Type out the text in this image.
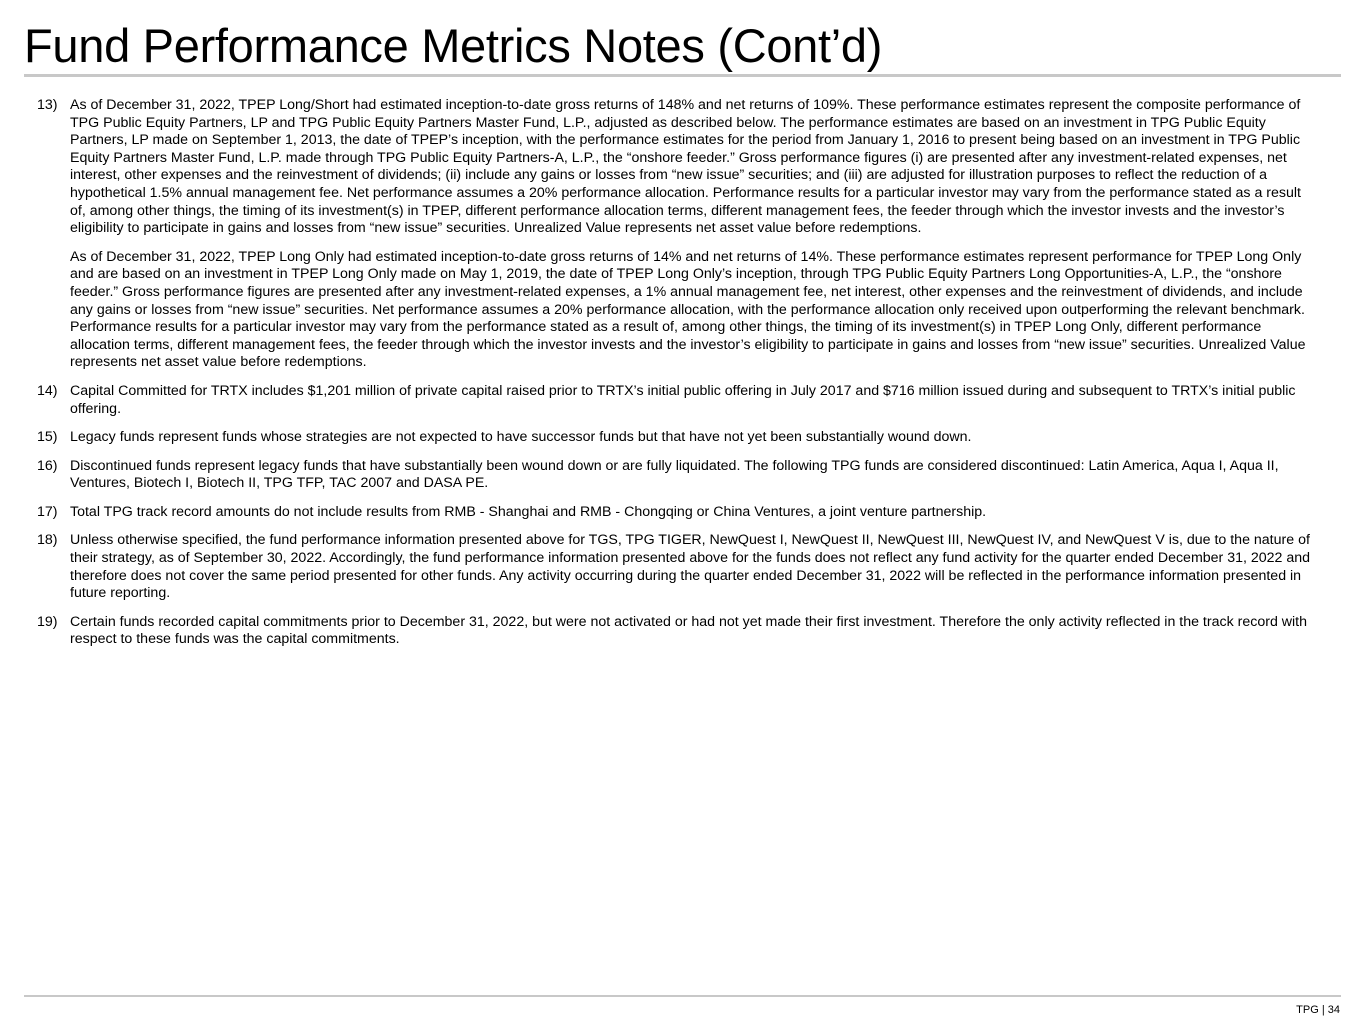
Fund Performance Metrics Notes (Cont’d)
13) As of December 31, 2022, TPEP Long/Short had estimated inception-to-date gross returns of 148% and net returns of 109%. These performance estimates represent the composite performance of TPG Public Equity Partners, LP and TPG Public Equity Partners Master Fund, L.P., adjusted as described below. The performance estimates are based on an investment in TPG Public Equity Partners, LP made on September 1, 2013, the date of TPEP’s inception, with the performance estimates for the period from January 1, 2016 to present being based on an investment in TPG Public Equity Partners Master Fund, L.P. made through TPG Public Equity Partners-A, L.P., the “onshore feeder.” Gross performance figures (i) are presented after any investment-related expenses, net interest, other expenses and the reinvestment of dividends; (ii) include any gains or losses from “new issue” securities; and (iii) are adjusted for illustration purposes to reflect the reduction of a hypothetical 1.5% annual management fee. Net performance assumes a 20% performance allocation. Performance results for a particular investor may vary from the performance stated as a result of, among other things, the timing of its investment(s) in TPEP, different performance allocation terms, different management fees, the feeder through which the investor invests and the investor’s eligibility to participate in gains and losses from “new issue” securities. Unrealized Value represents net asset value before redemptions.

As of December 31, 2022, TPEP Long Only had estimated inception-to-date gross returns of 14% and net returns of 14%. These performance estimates represent performance for TPEP Long Only and are based on an investment in TPEP Long Only made on May 1, 2019, the date of TPEP Long Only’s inception, through TPG Public Equity Partners Long Opportunities-A, L.P., the “onshore feeder.” Gross performance figures are presented after any investment-related expenses, a 1% annual management fee, net interest, other expenses and the reinvestment of dividends, and include any gains or losses from “new issue” securities. Net performance assumes a 20% performance allocation, with the performance allocation only received upon outperforming the relevant benchmark. Performance results for a particular investor may vary from the performance stated as a result of, among other things, the timing of its investment(s) in TPEP Long Only, different performance allocation terms, different management fees, the feeder through which the investor invests and the investor’s eligibility to participate in gains and losses from “new issue” securities. Unrealized Value represents net asset value before redemptions.

14) Capital Committed for TRTX includes $1,201 million of private capital raised prior to TRTX’s initial public offering in July 2017 and $716 million issued during and subsequent to TRTX’s initial public offering.

15) Legacy funds represent funds whose strategies are not expected to have successor funds but that have not yet been substantially wound down.

16) Discontinued funds represent legacy funds that have substantially been wound down or are fully liquidated. The following TPG funds are considered discontinued: Latin America, Aqua I, Aqua II, Ventures, Biotech I, Biotech II, TPG TFP, TAC 2007 and DASA PE.

17) Total TPG track record amounts do not include results from RMB - Shanghai and RMB - Chongqing or China Ventures, a joint venture partnership.

18) Unless otherwise specified, the fund performance information presented above for TGS, TPG TIGER, NewQuest I, NewQuest II, NewQuest III, NewQuest IV, and NewQuest V is, due to the nature of their strategy, as of September 30, 2022. Accordingly, the fund performance information presented above for the funds does not reflect any fund activity for the quarter ended December 31, 2022 and therefore does not cover the same period presented for other funds. Any activity occurring during the quarter ended December 31, 2022 will be reflected in the performance information presented in future reporting.

19) Certain funds recorded capital commitments prior to December 31, 2022, but were not activated or had not yet made their first investment. Therefore the only activity reflected in the track record with respect to these funds was the capital commitments.

TPG | 34
